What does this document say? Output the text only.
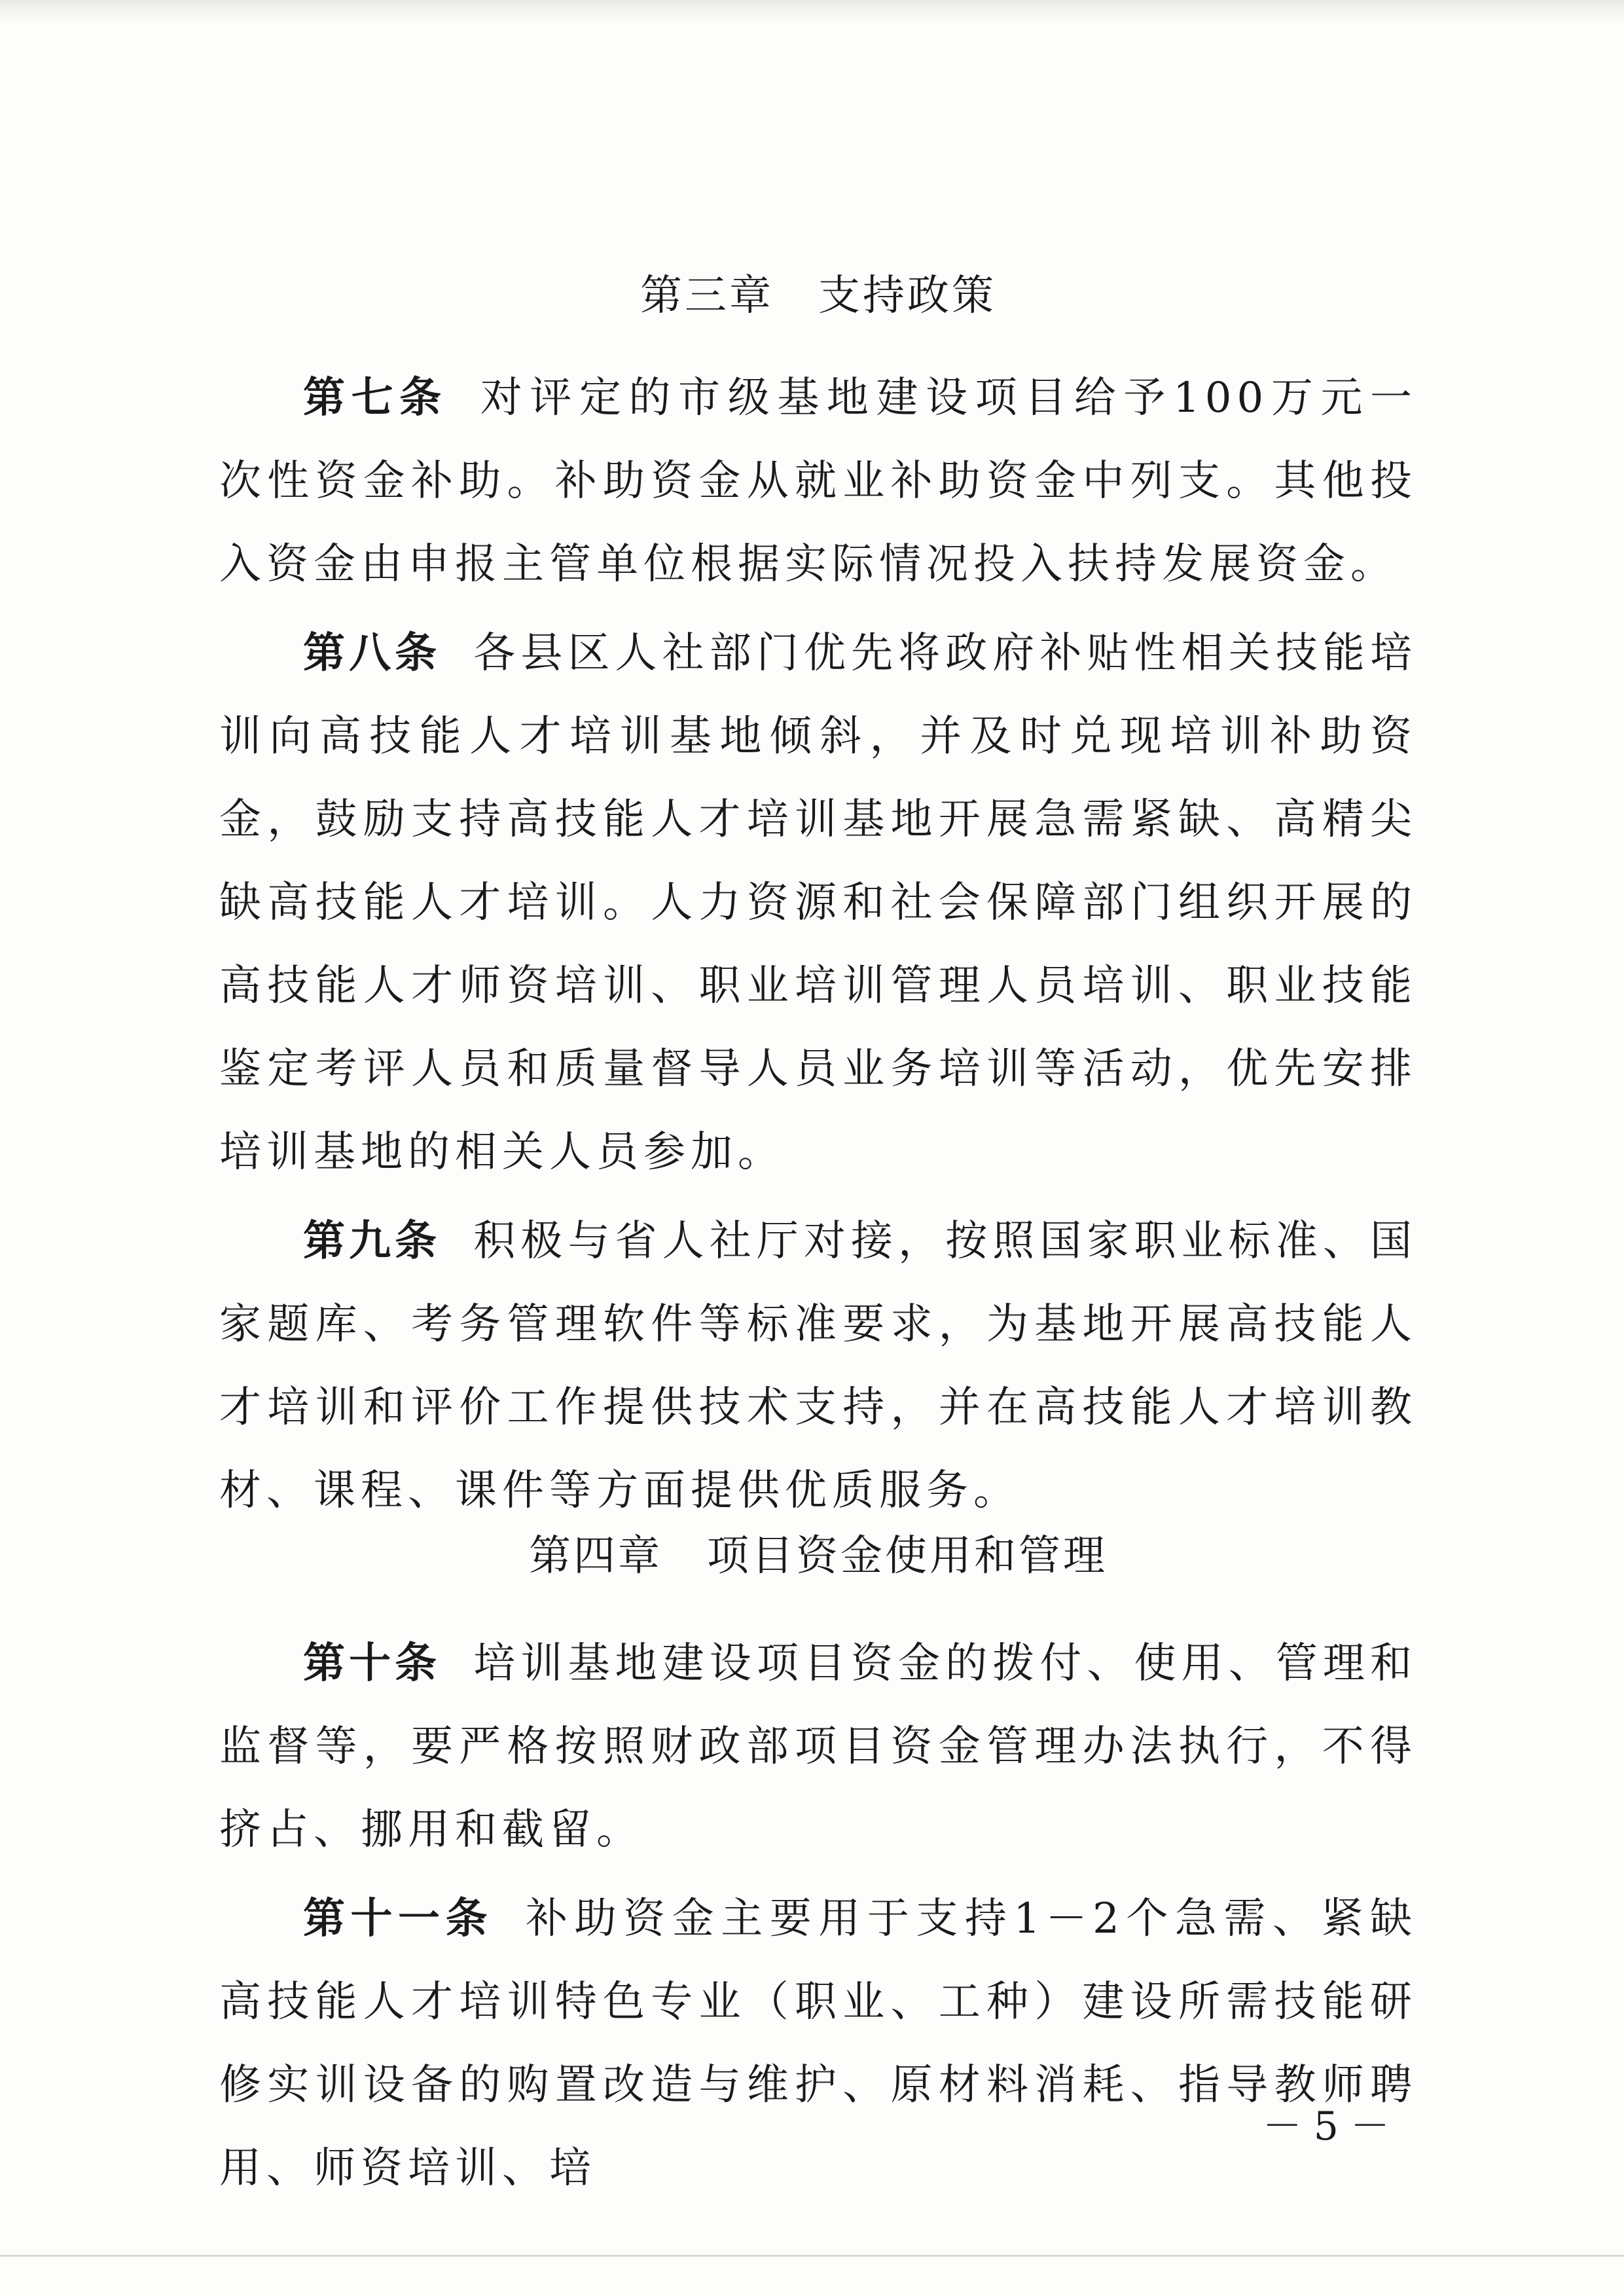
第三章　支持政策

第七条 对评定的市级基地建设项目给予100万元一次性资金补助。补助资金从就业补助资金中列支。其他投入资金由申报主管单位根据实际情况投入扶持发展资金。

第八条 各县区人社部门优先将政府补贴性相关技能培训向高技能人才培训基地倾斜，并及时兑现培训补助资金，鼓励支持高技能人才培训基地开展急需紧缺、高精尖缺高技能人才培训。人力资源和社会保障部门组织开展的高技能人才师资培训、职业培训管理人员培训、职业技能鉴定考评人员和质量督导人员业务培训等活动，优先安排培训基地的相关人员参加。

第九条 积极与省人社厅对接，按照国家职业标准、国家题库、考务管理软件等标准要求，为基地开展高技能人才培训和评价工作提供技术支持，并在高技能人才培训教材、课程、课件等方面提供优质服务。

第四章　项目资金使用和管理

第十条 培训基地建设项目资金的拨付、使用、管理和监督等，要严格按照财政部项目资金管理办法执行，不得挤占、挪用和截留。

第十一条 补助资金主要用于支持1－2个急需、紧缺高技能人才培训特色专业（职业、工种）建设所需技能研修实训设备的购置改造与维护、原材料消耗、指导教师聘用、师资培训、培

－5－
